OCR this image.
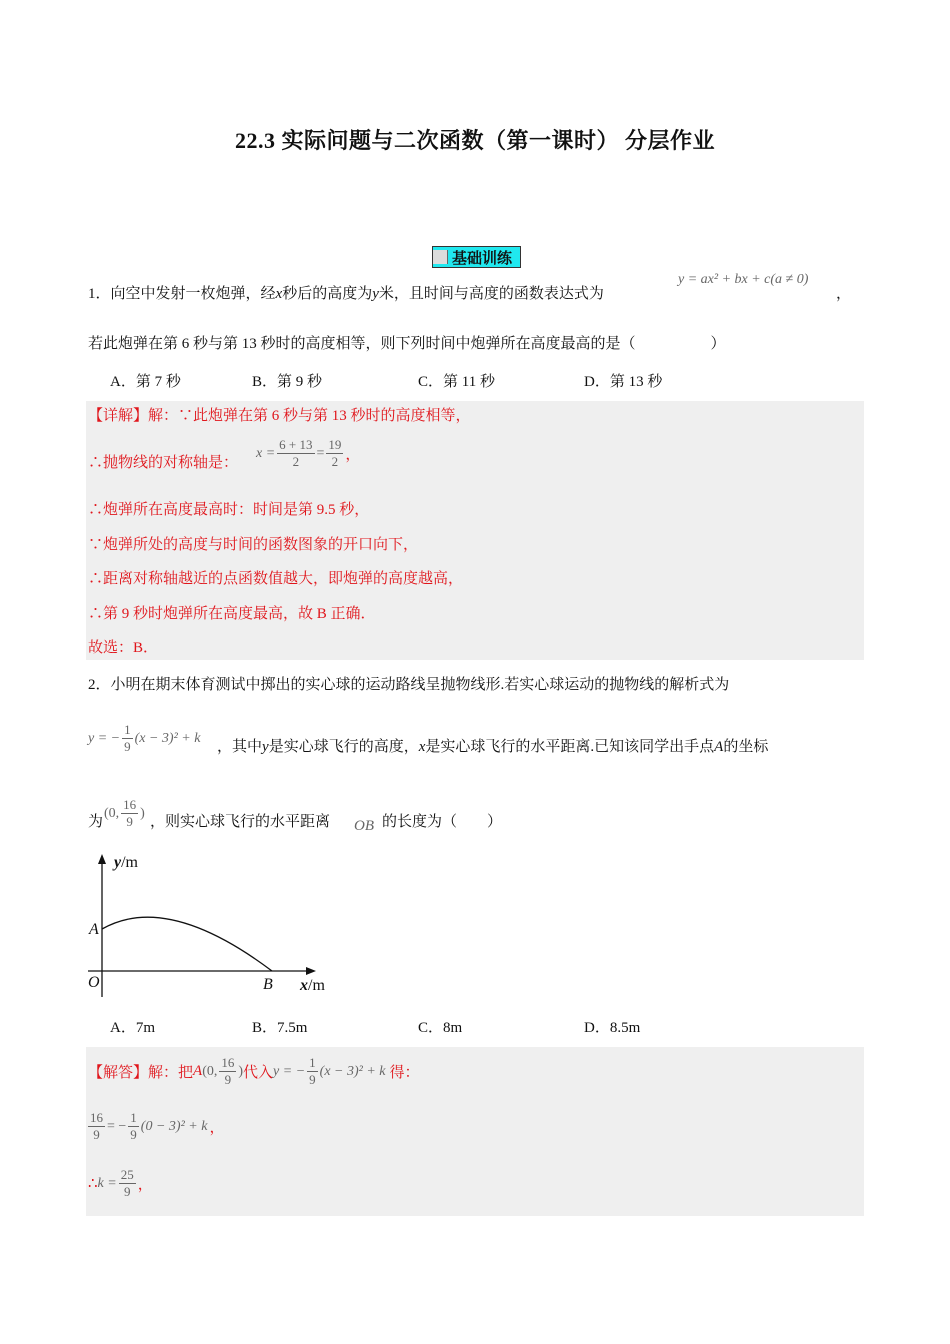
22.3 实际问题与二次函数（第一课时） 分层作业
基础训练
1．向空中发射一枚炮弹，经x秒后的高度为y米，且时间与高度的函数表达式为
y = ax² + bx + c(a ≠ 0)
，
若此炮弹在第 6 秒与第 13 秒时的高度相等，则下列时间中炮弹所在高度最高的是（　　　　　）
A．第 7 秒	B．第 9 秒	C．第 11 秒	D．第 13 秒
【详解】解：∵此炮弹在第 6 秒与第 13 秒时的高度相等，
∴抛物线的对称轴是：
$x = \frac{6 + 13}{2} = \frac{19}{2}$ ，
∴炮弹所在高度最高时：时间是第 9.5 秒，
∵炮弹所处的高度与时间的函数图象的开口向下，
∴距离对称轴越近的点函数值越大，即炮弹的高度越高，
∴第 9 秒时炮弹所在高度最高，故 B 正确．
故选：B．
2．小明在期末体育测试中掷出的实心球的运动路线呈抛物线形.若实心球运动的抛物线的解析式为
y = − $\frac{1}{9} (x - 3)^2 + k$
，其中y是实心球飞行的高度，x是实心球飞行的水平距离.已知该同学出手点A的坐标
为
(0, $\frac{16}{9}$ )
，则实心球飞行的水平距离 OB 的长度为（　　）
y/m
A
O	B x/m
A．7m	B．7.5m	C．8m	D．8.5m
【解答】解：把 A (0, $\frac{16}{9}$ ) 代入 y = − $\frac{1}{9} (x - 3)^2 + k$ 得：
$\frac{16}{9}$ = − $\frac{1}{9} (0 - 3)^2 + k$ ，
∴ $k = \frac{25}{9}$ ，
